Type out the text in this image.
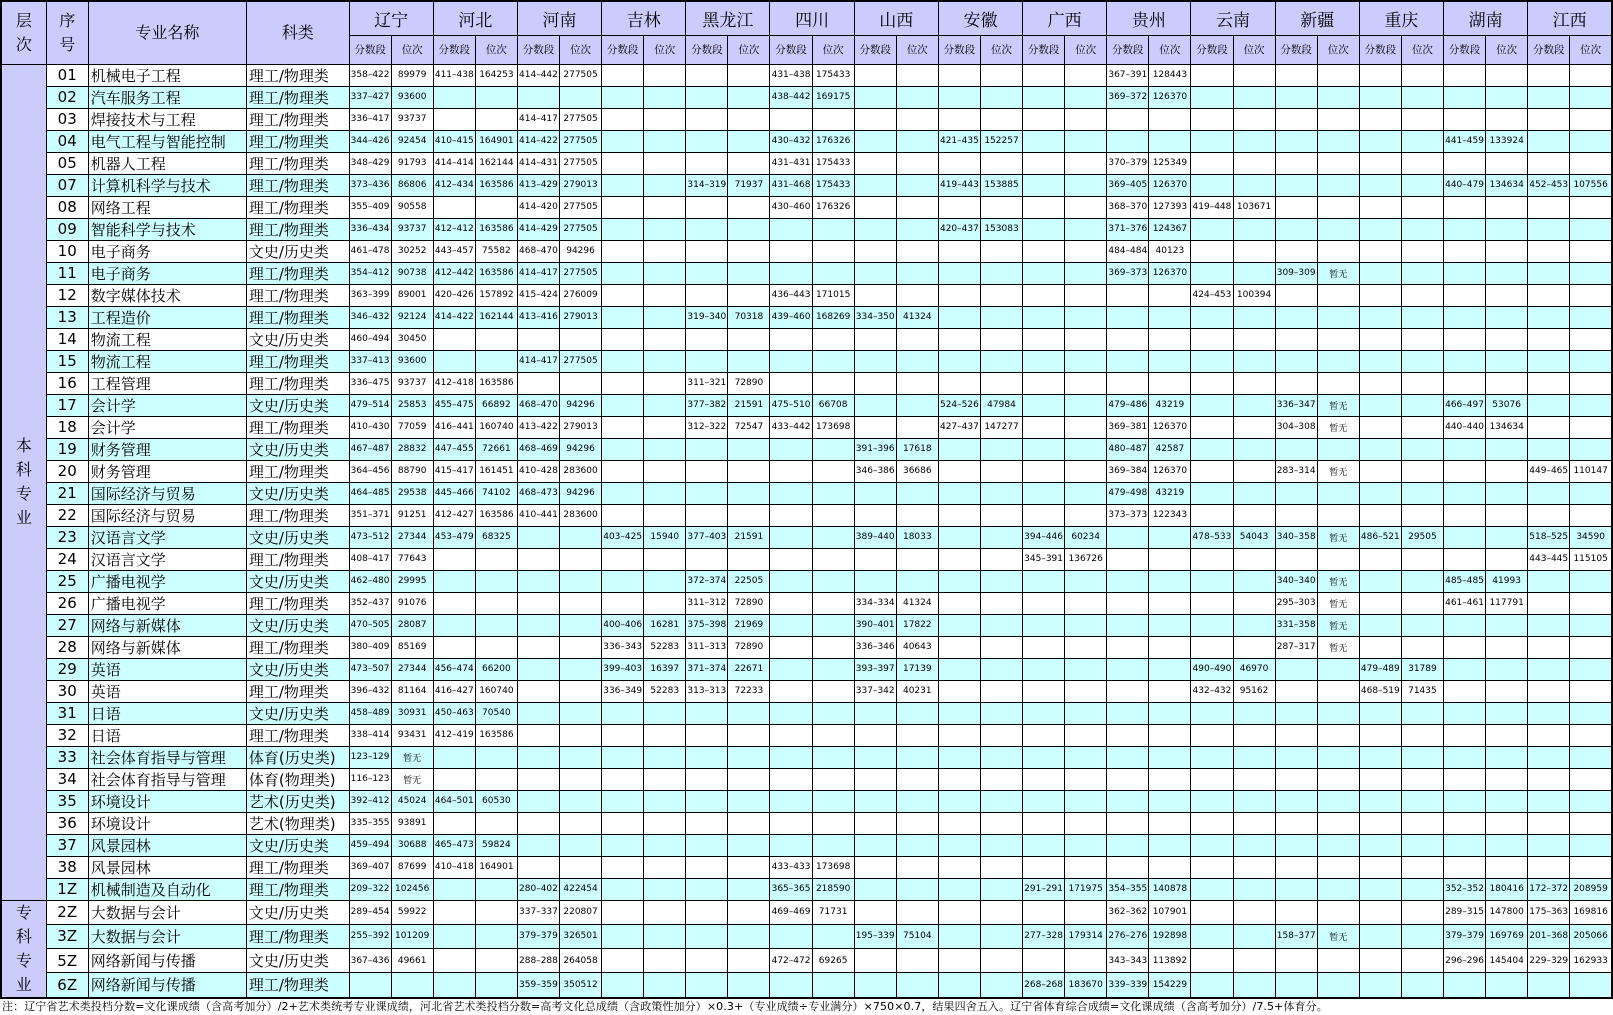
层次	序号	专业名称	科类	辽宁		河北		河南		吉林		黑龙江		四川		山西		安徽		广西		贵州		云南		新疆		重庆		湖南		江西	
				分数段	位次	分数段	位次	分数段	位次	分数段	位次	分数段	位次	分数段	位次	分数段	位次	分数段	位次	分数段	位次	分数段	位次	分数段	位次	分数段	位次	分数段	位次	分数段	位次	分数段	位次
本科专业	01	机械电子工程	理工/物理类	358–422	89979	411–438	164253	414–442	277505					431–438	175433							367–391	128443										
	02	汽车服务工程	理工/物理类	337–427	93600									438–442	169175							369–372	126370										
	03	焊接技术与工程	理工/物理类	336–417	93737			414–417	277505																								
	04	电气工程与智能控制	理工/物理类	344–426	92454	410–415	164901	414–422	277505					430–432	176326			421–435	152257											441–459	133924		
	05	机器人工程	理工/物理类	348–429	91793	414–414	162144	414–431	277505					431–431	175433							370–379	125349										
	07	计算机科学与技术	理工/物理类	373–436	86806	412–434	163586	413–429	279013			314–319	71937	431–468	175433			419–443	153885			369–405	126370							440–479	134634	452–453	107556
	08	网络工程	理工/物理类	355–409	90558			414–420	277505					430–460	176326							368–370	127393	419–448	103671								
	09	智能科学与技术	理工/物理类	336–434	93737	412–412	163586	414–429	277505									420–437	153083			371–376	124367										
	10	电子商务	文史/历史类	461–478	30252	443–457	75582	468–470	94296													484–484	40123										
	11	电子商务	理工/物理类	354–412	90738	412–442	163586	414–417	277505													369–373	126370			309–309	暂无						
	12	数字媒体技术	理工/物理类	363–399	89001	420–426	157892	415–424	276009					436–443	171015									424–453	100394								
	13	工程造价	理工/物理类	346–432	92124	414–422	162144	413–416	279013			319–340	70318	439–460	168269	334–350	41324																
	14	物流工程	文史/历史类	460–494	30450																												
	15	物流工程	理工/物理类	337–413	93600			414–417	277505																								
	16	工程管理	理工/物理类	336–475	93737	412–418	163586					311–321	72890																				
	17	会计学	文史/历史类	479–514	25853	455–475	66892	468–470	94296			377–382	21591	475–510	66708			524–526	47984			479–486	43219			336–347	暂无			466–497	53076		
	18	会计学	理工/物理类	410–430	77059	416–441	160740	413–422	279013			312–322	72547	433–442	173698			427–437	147277			369–381	126370			304–308	暂无			440–440	134634		
	19	财务管理	文史/历史类	467–487	28832	447–455	72661	468–469	94296							391–396	17618					480–487	42587										
	20	财务管理	理工/物理类	364–456	88790	415–417	161451	410–428	283600							346–386	36686					369–384	126370			283–314	暂无					449–465	110147
	21	国际经济与贸易	文史/历史类	464–485	29538	445–466	74102	468–473	94296													479–498	43219										
	22	国际经济与贸易	理工/物理类	351–371	91251	412–427	163586	410–441	283600													373–373	122343										
	23	汉语言文学	文史/历史类	473–512	27344	453–479	68325			403–425	15940	377–403	21591			389–440	18033			394–446	60234			478–533	54043	340–358	暂无	486–521	29505			518–525	34590
	24	汉语言文学	理工/物理类	408–417	77643															345–391	136726											443–445	115105
	25	广播电视学	文史/历史类	462–480	29995							372–374	22505													340–340	暂无			485–485	41993		
	26	广播电视学	理工/物理类	352–437	91076							311–312	72890			334–334	41324									295–303	暂无			461–461	117791		
	27	网络与新媒体	文史/历史类	470–505	28087					400–406	16281	375–398	21969			390–401	17822									331–358	暂无						
	28	网络与新媒体	理工/物理类	380–409	85169					336–343	52283	311–313	72890			336–346	40643									287–317	暂无						
	29	英语	文史/历史类	473–507	27344	456–474	66200			399–403	16397	371–374	22671			393–397	17139							490–490	46970			479–489	31789				
	30	英语	理工/物理类	396–432	81164	416–427	160740			336–349	52283	313–313	72233			337–342	40231							432–432	95162			468–519	71435				
	31	日语	文史/历史类	458–489	30931	450–463	70540																										
	32	日语	理工/物理类	338–414	93431	412–419	163586																										
	33	社会体育指导与管理	体育(历史类)	123–129	暂无																												
	34	社会体育指导与管理	体育(物理类)	116–123	暂无																												
	35	环境设计	艺术(历史类)	392–412	45024	464–501	60530																										
	36	环境设计	艺术(物理类)	335–355	93891																												
	37	风景园林	文史/历史类	459–494	30688	465–473	59824																										
	38	风景园林	理工/物理类	369–407	87699	410–418	164901							433–433	173698																		
	1Z	机械制造及自动化	理工/物理类	209–322	102456			280–402	422454					365–365	218590					291–291	171975	354–355	140878							352–352	180416	172–372	208959
专科专业	2Z	大数据与会计	文史/历史类	289–454	59922			337–337	220807					469–469	71731							362–362	107901							289–315	147800	175–363	169816
	3Z	大数据与会计	理工/物理类	255–392	101209			379–379	326501							195–339	75104			277–328	179314	276–276	192898			158–377	暂无			379–379	169769	201–368	205066
	5Z	网络新闻与传播	文史/历史类	367–436	49661			288–288	264058					472–472	69265							343–343	113892							296–296	145404	229–329	162933
	6Z	网络新闻与传播	理工/物理类					359–359	350512											268–268	183670	339–339	154229										
注：辽宁省艺术类投档分数=文化课成绩（含高考加分）/2+艺术类统考专业课成绩，河北省艺术类投档分数=高考文化总成绩（含政策性加分）×0.3+（专业成绩÷专业满分）×750×0.7，结果四舍五入。辽宁省体育综合成绩=文化课成绩（含高考加分）/7.5+体育分。
